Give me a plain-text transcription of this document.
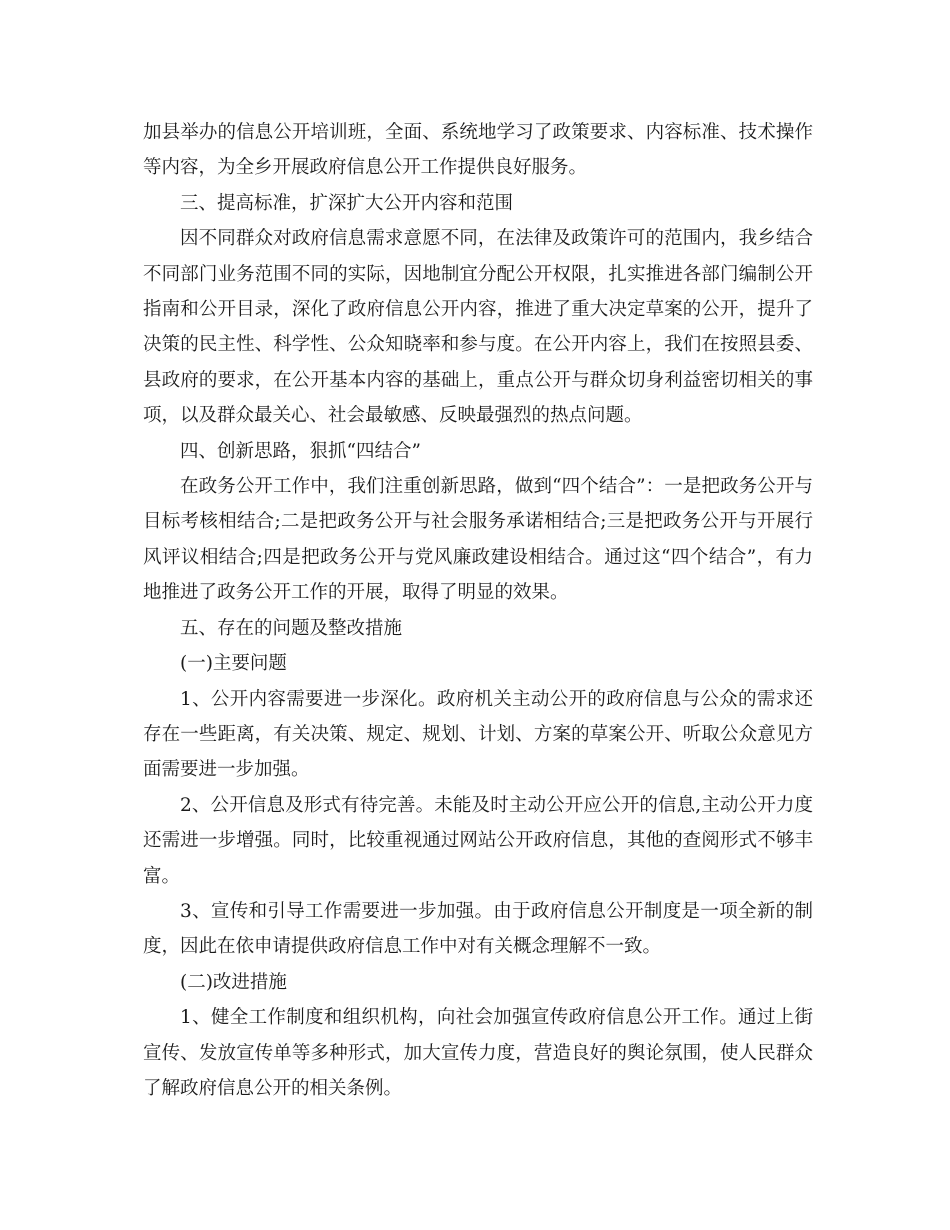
加县举办的信息公开培训班，全面、系统地学习了政策要求、内容标准、技术操作等内容，为全乡开展政府信息公开工作提供良好服务。

三、提高标准，扩深扩大公开内容和范围

因不同群众对政府信息需求意愿不同，在法律及政策许可的范围内，我乡结合不同部门业务范围不同的实际，因地制宜分配公开权限，扎实推进各部门编制公开指南和公开目录，深化了政府信息公开内容，推进了重大决定草案的公开，提升了决策的民主性、科学性、公众知晓率和参与度。在公开内容上，我们在按照县委、县政府的要求，在公开基本内容的基础上，重点公开与群众切身利益密切相关的事项，以及群众最关心、社会最敏感、反映最强烈的热点问题。

四、创新思路，狠抓“四结合”

在政务公开工作中，我们注重创新思路，做到“四个结合”：一是把政务公开与目标考核相结合;二是把政务公开与社会服务承诺相结合;三是把政务公开与开展行风评议相结合;四是把政务公开与党风廉政建设相结合。通过这“四个结合”，有力地推进了政务公开工作的开展，取得了明显的效果。

五、存在的问题及整改措施

(一)主要问题

1、公开内容需要进一步深化。政府机关主动公开的政府信息与公众的需求还存在一些距离，有关决策、规定、规划、计划、方案的草案公开、听取公众意见方面需要进一步加强。

2、公开信息及形式有待完善。未能及时主动公开应公开的信息,主动公开力度还需进一步增强。同时，比较重视通过网站公开政府信息，其他的查阅形式不够丰富。

3、宣传和引导工作需要进一步加强。由于政府信息公开制度是一项全新的制度，因此在依申请提供政府信息工作中对有关概念理解不一致。

(二)改进措施

1、健全工作制度和组织机构，向社会加强宣传政府信息公开工作。通过上街宣传、发放宣传单等多种形式，加大宣传力度，营造良好的舆论氛围，使人民群众了解政府信息公开的相关条例。
